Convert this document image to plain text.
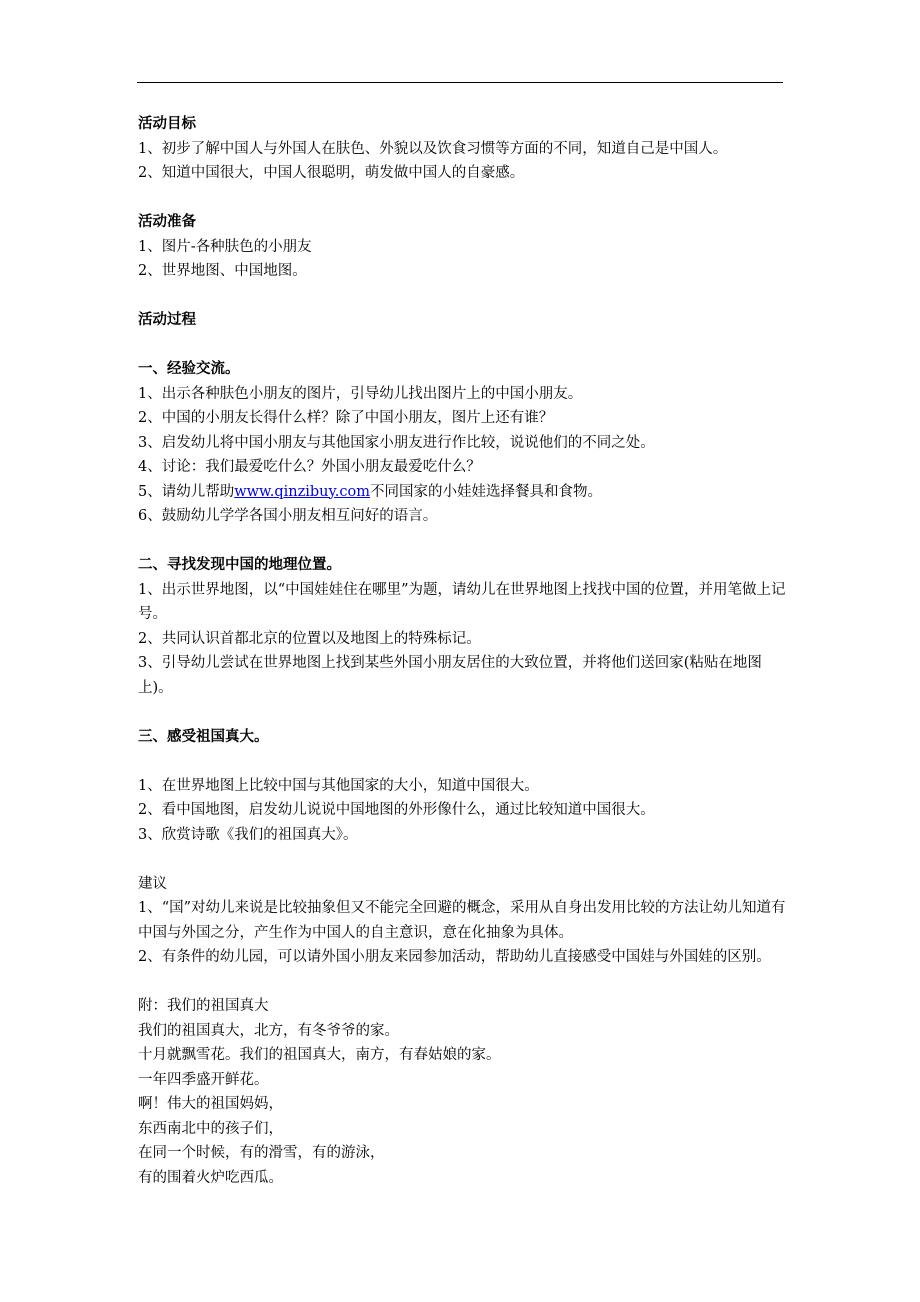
活动目标
1、初步了解中国人与外国人在肤色、外貌以及饮食习惯等方面的不同，知道自己是中国人。
2、知道中国很大，中国人很聪明，萌发做中国人的自豪感。
活动准备
1、图片-各种肤色的小朋友
2、世界地图、中国地图。
活动过程
一、经验交流。
1、出示各种肤色小朋友的图片，引导幼儿找出图片上的中国小朋友。
2、中国的小朋友长得什么样？除了中国小朋友，图片上还有谁？
3、启发幼儿将中国小朋友与其他国家小朋友进行作比较，说说他们的不同之处。
4、讨论：我们最爱吃什么？外国小朋友最爱吃什么？
5、请幼儿帮助www.qinzibuy.com不同国家的小娃娃选择餐具和食物。
6、鼓励幼儿学学各国小朋友相互问好的语言。
二、寻找发现中国的地理位置。
1、出示世界地图，以“中国娃娃住在哪里”为题，请幼儿在世界地图上找找中国的位置，并用笔做上记号。
2、共同认识首都北京的位置以及地图上的特殊标记。
3、引导幼儿尝试在世界地图上找到某些外国小朋友居住的大致位置，并将他们送回家(粘贴在地图上)。
三、感受祖国真大。
1、在世界地图上比较中国与其他国家的大小，知道中国很大。
2、看中国地图，启发幼儿说说中国地图的外形像什么，通过比较知道中国很大。
3、欣赏诗歌《我们的祖国真大》。
建议
1、“国”对幼儿来说是比较抽象但又不能完全回避的概念，采用从自身出发用比较的方法让幼儿知道有中国与外国之分，产生作为中国人的自主意识，意在化抽象为具体。
2、有条件的幼儿园，可以请外国小朋友来园参加活动，帮助幼儿直接感受中国娃与外国娃的区别。
附：我们的祖国真大
我们的祖国真大，北方，有冬爷爷的家。
十月就飘雪花。我们的祖国真大，南方，有春姑娘的家。
一年四季盛开鲜花。
啊！伟大的祖国妈妈，
东西南北中的孩子们，
在同一个时候，有的滑雪，有的游泳，
有的围着火炉吃西瓜。
